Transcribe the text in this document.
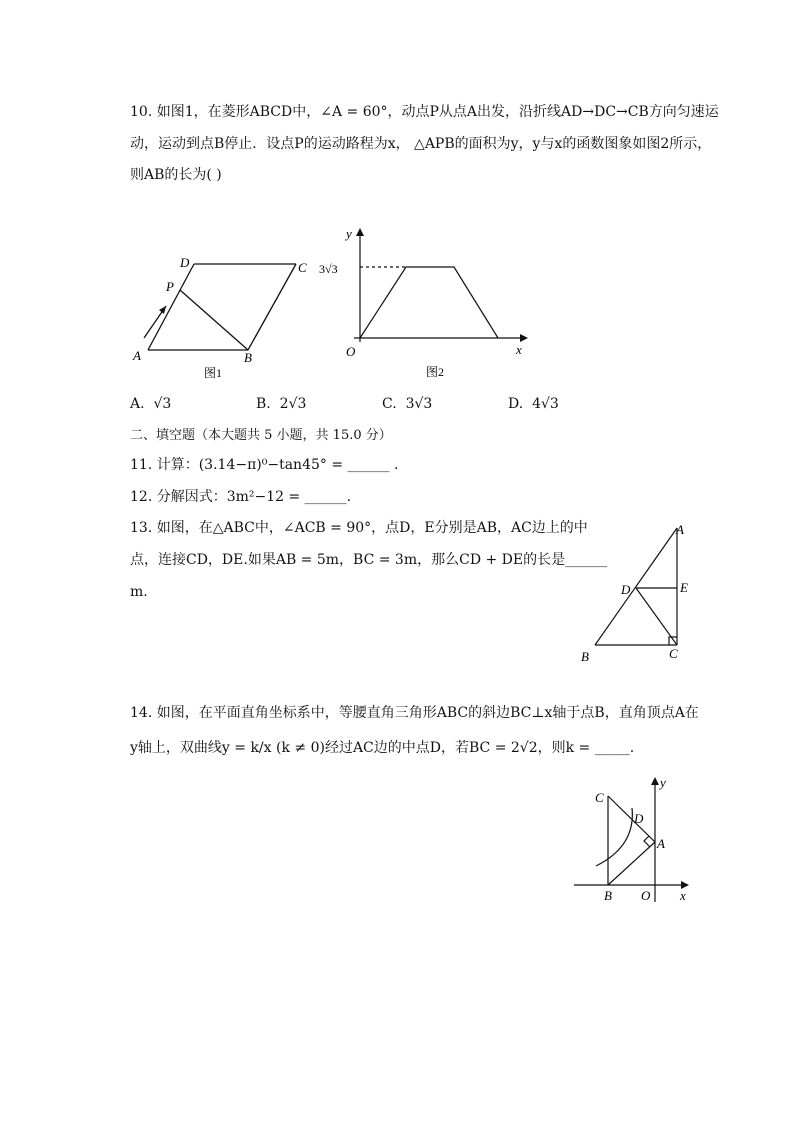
10. 如图1，在菱形ABCD中，∠A = 60°，动点P从点A出发，沿折线AD→DC→CB方向匀速运
动，运动到点B停止．设点P的运动路程为x， △APB的面积为y，y与x的函数图象如图2所示，
则AB的长为( )
D	C
P
A	B
图1
y
x
O
3√3
图2
A. √3	B. 2√3	C. 3√3	D. 4√3
二、填空题（本大题共 5 小题，共 15.0 分）
11. 计算：(3.14−π)⁰−tan45° = ______ .
12. 分解因式：3m²−12 = ______.
13. 如图，在△ABC中，∠ACB = 90°，点D，E分别是AB，AC边上的中
点，连接CD，DE.如果AB = 5m，BC = 3m，那么CD + DE的长是______
m.
A
D	E
B	C
14. 如图，在平面直角坐标系中，等腰直角三角形ABC的斜边BC⊥x轴于点B，直角顶点A在
y轴上，双曲线y = k/x (k ≠ 0)经过AC边的中点D，若BC = 2√2，则k = _____.
y
C
D
A
B O x
